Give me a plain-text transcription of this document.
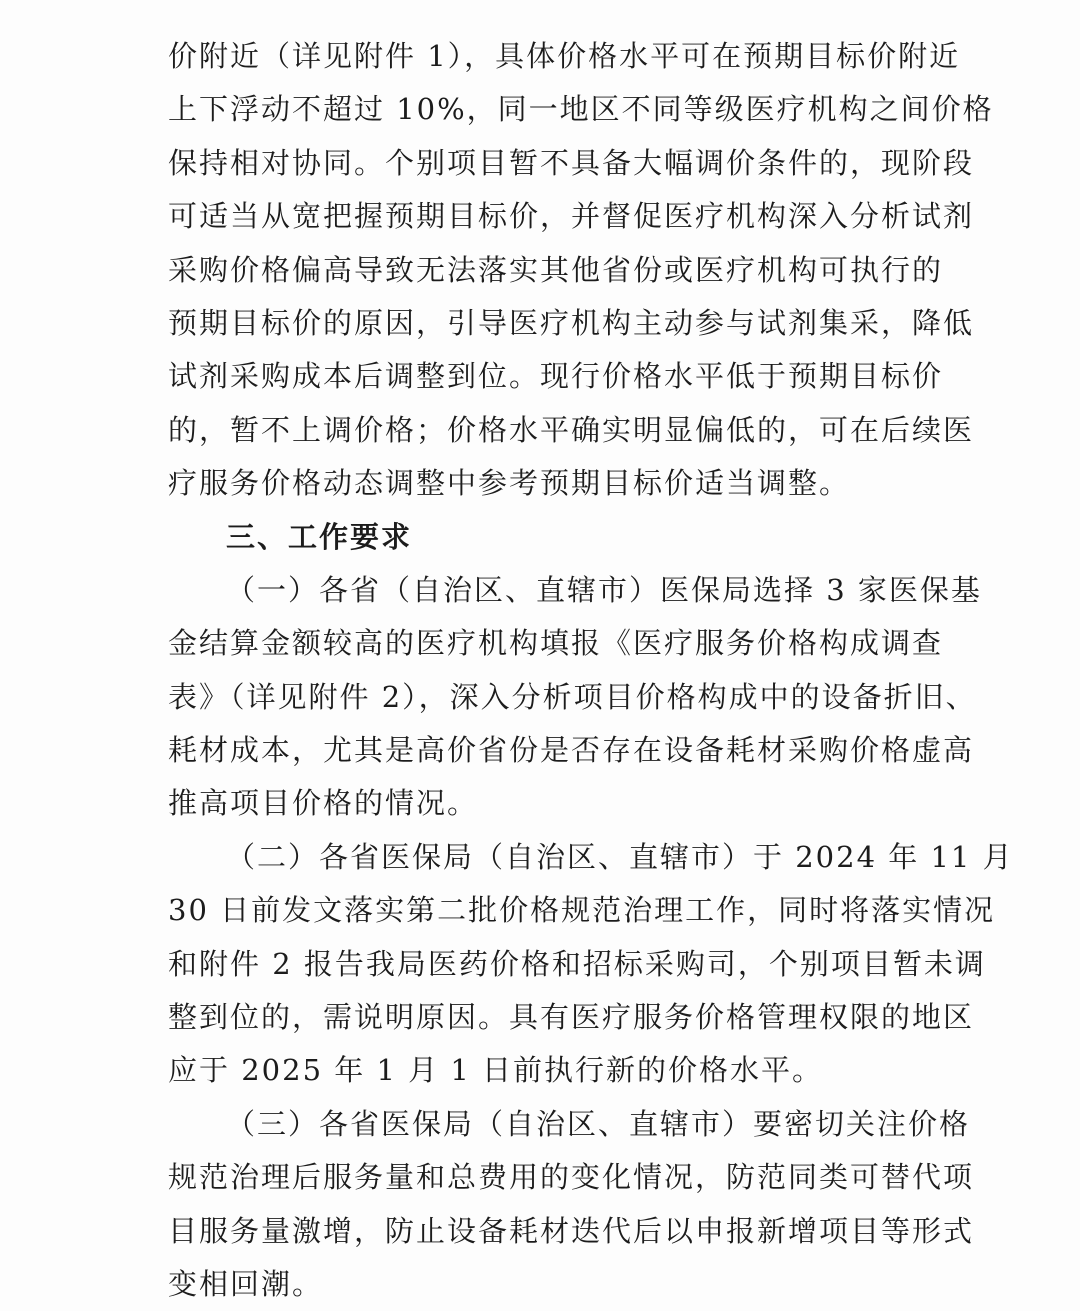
价附近（详见附件 1），具体价格水平可在预期目标价附近
上下浮动不超过 10%，同一地区不同等级医疗机构之间价格
保持相对协同。个别项目暂不具备大幅调价条件的，现阶段
可适当从宽把握预期目标价，并督促医疗机构深入分析试剂
采购价格偏高导致无法落实其他省份或医疗机构可执行的
预期目标价的原因，引导医疗机构主动参与试剂集采，降低
试剂采购成本后调整到位。现行价格水平低于预期目标价
的，暂不上调价格；价格水平确实明显偏低的，可在后续医
疗服务价格动态调整中参考预期目标价适当调整。
三、工作要求
（一）各省（自治区、直辖市）医保局选择 3 家医保基
金结算金额较高的医疗机构填报《医疗服务价格构成调查
表》（详见附件 2），深入分析项目价格构成中的设备折旧、
耗材成本，尤其是高价省份是否存在设备耗材采购价格虚高
推高项目价格的情况。
（二）各省医保局（自治区、直辖市）于 2024 年 11 月
30 日前发文落实第二批价格规范治理工作，同时将落实情况
和附件 2 报告我局医药价格和招标采购司，个别项目暂未调
整到位的，需说明原因。具有医疗服务价格管理权限的地区
应于 2025 年 1 月 1 日前执行新的价格水平。
（三）各省医保局（自治区、直辖市）要密切关注价格
规范治理后服务量和总费用的变化情况，防范同类可替代项
目服务量激增，防止设备耗材迭代后以申报新增项目等形式
变相回潮。
